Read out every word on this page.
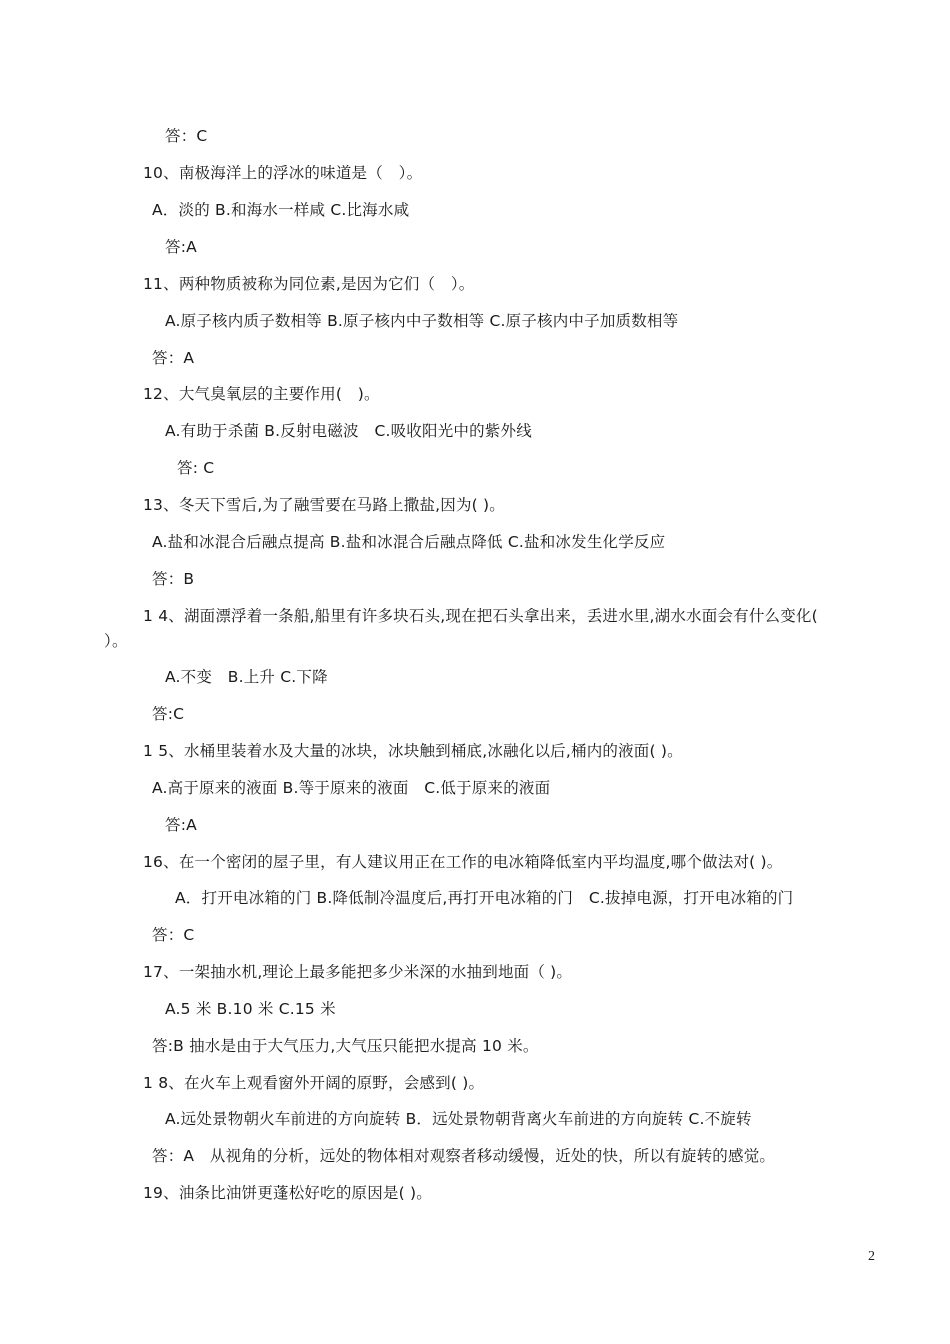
答：C
10、南极海洋上的浮冰的味道是（　）。
A．淡的 B.和海水一样咸 C.比海水咸
答:A
11、两种物质被称为同位素,是因为它们（　）。
A.原子核内质子数相等 B.原子核内中子数相等 C.原子核内中子加质数相等
答：A
12、大气臭氧层的主要作用(　)。
A.有助于杀菌 B.反射电磁波　C.吸收阳光中的紫外线
答: C
13、冬天下雪后,为了融雪要在马路上撒盐,因为( )。
A.盐和冰混合后融点提高 B.盐和冰混合后融点降低 C.盐和冰发生化学反应
答：B
1 4、湖面漂浮着一条船,船里有许多块石头,现在把石头拿出来，丢进水里,湖水水面会有什么变化(
）。
A.不变　B.上升 C.下降
答:C
1 5、水桶里装着水及大量的冰块，冰块触到桶底,冰融化以后,桶内的液面( )。
A.高于原来的液面 B.等于原来的液面　C.低于原来的液面
答:A
16、在一个密闭的屋子里，有人建议用正在工作的电冰箱降低室内平均温度,哪个做法对( )。
A．打开电冰箱的门 B.降低制冷温度后,再打开电冰箱的门　C.拔掉电源，打开电冰箱的门
答：C
17、一架抽水机,理论上最多能把多少米深的水抽到地面（ )。
A.5 米 B.10 米 C.15 米
答:B 抽水是由于大气压力,大气压只能把水提高 10 米。
1 8、在火车上观看窗外开阔的原野，会感到( )。
A.远处景物朝火车前进的方向旋转 B．远处景物朝背离火车前进的方向旋转 C.不旋转
答：A　从视角的分析，远处的物体相对观察者移动缓慢，近处的快，所以有旋转的感觉。
19、油条比油饼更蓬松好吃的原因是( )。
2
